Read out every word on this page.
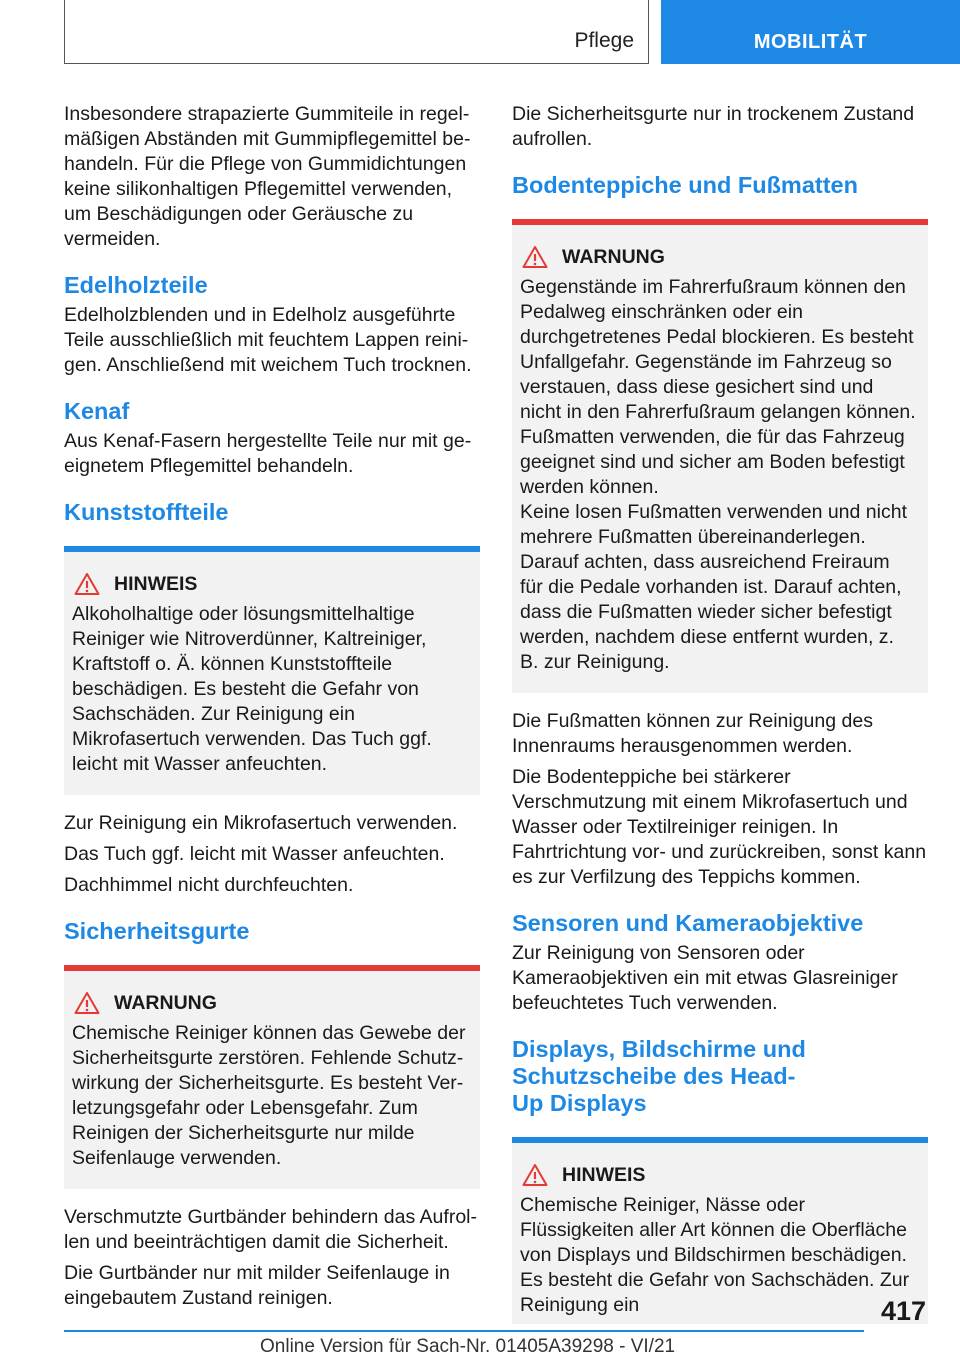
Pflege	MOBILITÄT

Insbesondere strapazierte Gummiteile in regelmäßigen Abständen mit Gummipflegemittel behandeln. Für die Pflege von Gummidichtungen keine silikonhaltigen Pflegemittel verwenden, um Beschädigungen oder Geräusche zu vermeiden.

Edelholzteile

Edelholzblenden und in Edelholz ausgeführte Teile ausschließlich mit feuchtem Lappen reinigen. Anschließend mit weichem Tuch trocknen.

Kenaf

Aus Kenaf-Fasern hergestellte Teile nur mit geeignetem Pflegemittel behandeln.

Kunststoffteile
HINWEIS

Alkoholhaltige oder lösungsmittelhaltige Reiniger wie Nitroverdünner, Kaltreiniger, Kraftstoff o. Ä. können Kunststoffteile beschädigen. Es besteht die Gefahr von Sachschäden. Zur Reinigung ein Mikrofasertuch verwenden. Das Tuch ggf. leicht mit Wasser anfeuchten.

Zur Reinigung ein Mikrofasertuch verwenden.

Das Tuch ggf. leicht mit Wasser anfeuchten.

Dachhimmel nicht durchfeuchten.

Sicherheitsgurte
WARNUNG

Chemische Reiniger können das Gewebe der Sicherheitsgurte zerstören. Fehlende Schutzwirkung der Sicherheitsgurte. Es besteht Verletzungsgefahr oder Lebensgefahr. Zum Reinigen der Sicherheitsgurte nur milde Seifenlauge verwenden.

Verschmutzte Gurtbänder behindern das Aufrollen und beeinträchtigen damit die Sicherheit.

Die Gurtbänder nur mit milder Seifenlauge in eingebautem Zustand reinigen.

Die Sicherheitsgurte nur in trockenem Zustand aufrollen.

Bodenteppiche und Fußmatten
WARNUNG

Gegenstände im Fahrerfußraum können den Pedalweg einschränken oder ein durchgetretenes Pedal blockieren. Es besteht Unfallgefahr. Gegenstände im Fahrzeug so verstauen, dass diese gesichert sind und nicht in den Fahrerfußraum gelangen können. Fußmatten verwenden, die für das Fahrzeug geeignet sind und sicher am Boden befestigt werden können.

Keine losen Fußmatten verwenden und nicht mehrere Fußmatten übereinanderlegen. Darauf achten, dass ausreichend Freiraum für die Pedale vorhanden ist. Darauf achten, dass die Fußmatten wieder sicher befestigt werden, nachdem diese entfernt wurden, z. B. zur Reinigung.

Die Fußmatten können zur Reinigung des Innenraums herausgenommen werden.

Die Bodenteppiche bei stärkerer Verschmutzung mit einem Mikrofasertuch und Wasser oder Textilreiniger reinigen. In Fahrtrichtung vor- und zurückreiben, sonst kann es zur Verfilzung des Teppichs kommen.

Sensoren und Kameraobjektive

Zur Reinigung von Sensoren oder Kameraobjektiven ein mit etwas Glasreiniger befeuchtetes Tuch verwenden.

Displays, Bildschirme und
Schutzscheibe des Head-
Up Displays
HINWEIS

Chemische Reiniger, Nässe oder Flüssigkeiten aller Art können die Oberfläche von Displays und Bildschirmen beschädigen. Es besteht die Gefahr von Sachschäden. Zur Reinigung ein	417
Online Version für Sach-Nr. 01405A39298 - VI/21
